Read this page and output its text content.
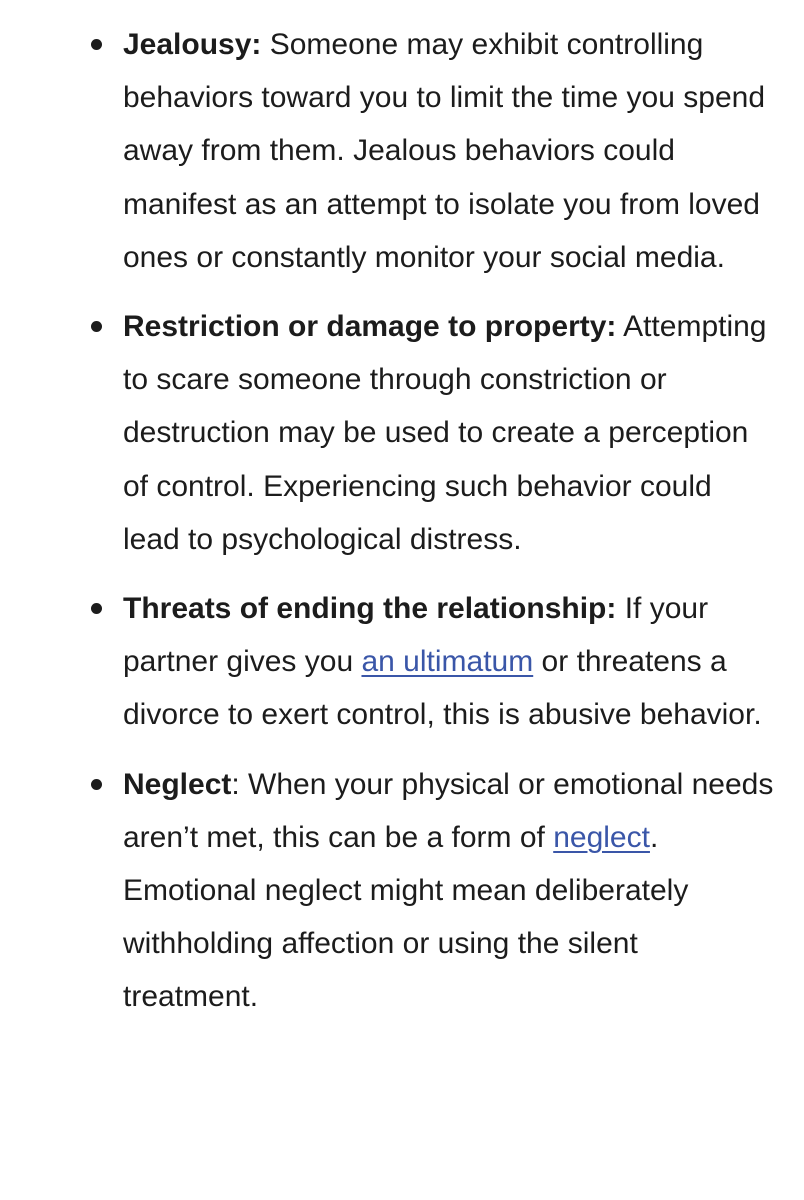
Jealousy: Someone may exhibit controlling behaviors toward you to limit the time you spend away from them. Jealous behaviors could manifest as an attempt to isolate you from loved ones or constantly monitor your social media.
Restriction or damage to property: Attempting to scare someone through constriction or destruction may be used to create a perception of control. Experiencing such behavior could lead to psychological distress.
Threats of ending the relationship: If your partner gives you an ultimatum or threatens a divorce to exert control, this is abusive behavior.
Neglect: When your physical or emotional needs aren’t met, this can be a form of neglect. Emotional neglect might mean deliberately withholding affection or using the silent treatment.
